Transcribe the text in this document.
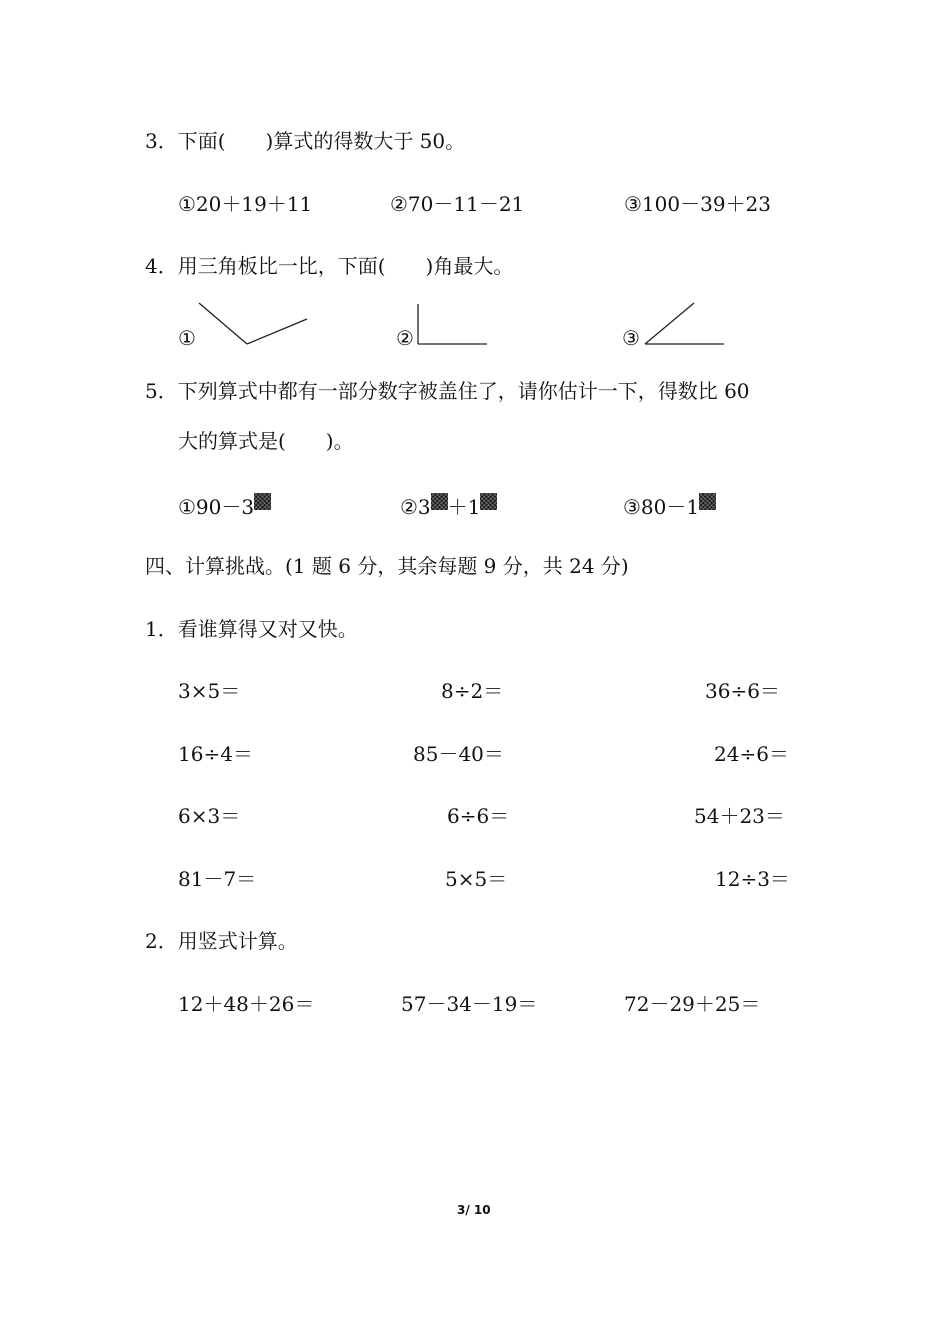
3．下面(　　)算式的得数大于 50。
①20＋19＋11	②70－11－21	③100－39＋23
4．用三角板比一比，下面(　　)角最大。
①	②	③
5．下列算式中都有一部分数字被盖住了，请你估计一下，得数比 60
大的算式是(　　)。
①90－3	②3 ＋1	③80－1
四、计算挑战。(1 题 6 分，其余每题 9 分，共 24 分)
1．看谁算得又对又快。
3×5＝	8÷2＝	36÷6＝
16÷4＝	85－40＝	24÷6＝
6×3＝	6÷6＝	54＋23＝
81－7＝	5×5＝	12÷3＝
2．用竖式计算。
12＋48＋26＝	57－34－19＝	72－29＋25＝
3/ 10
